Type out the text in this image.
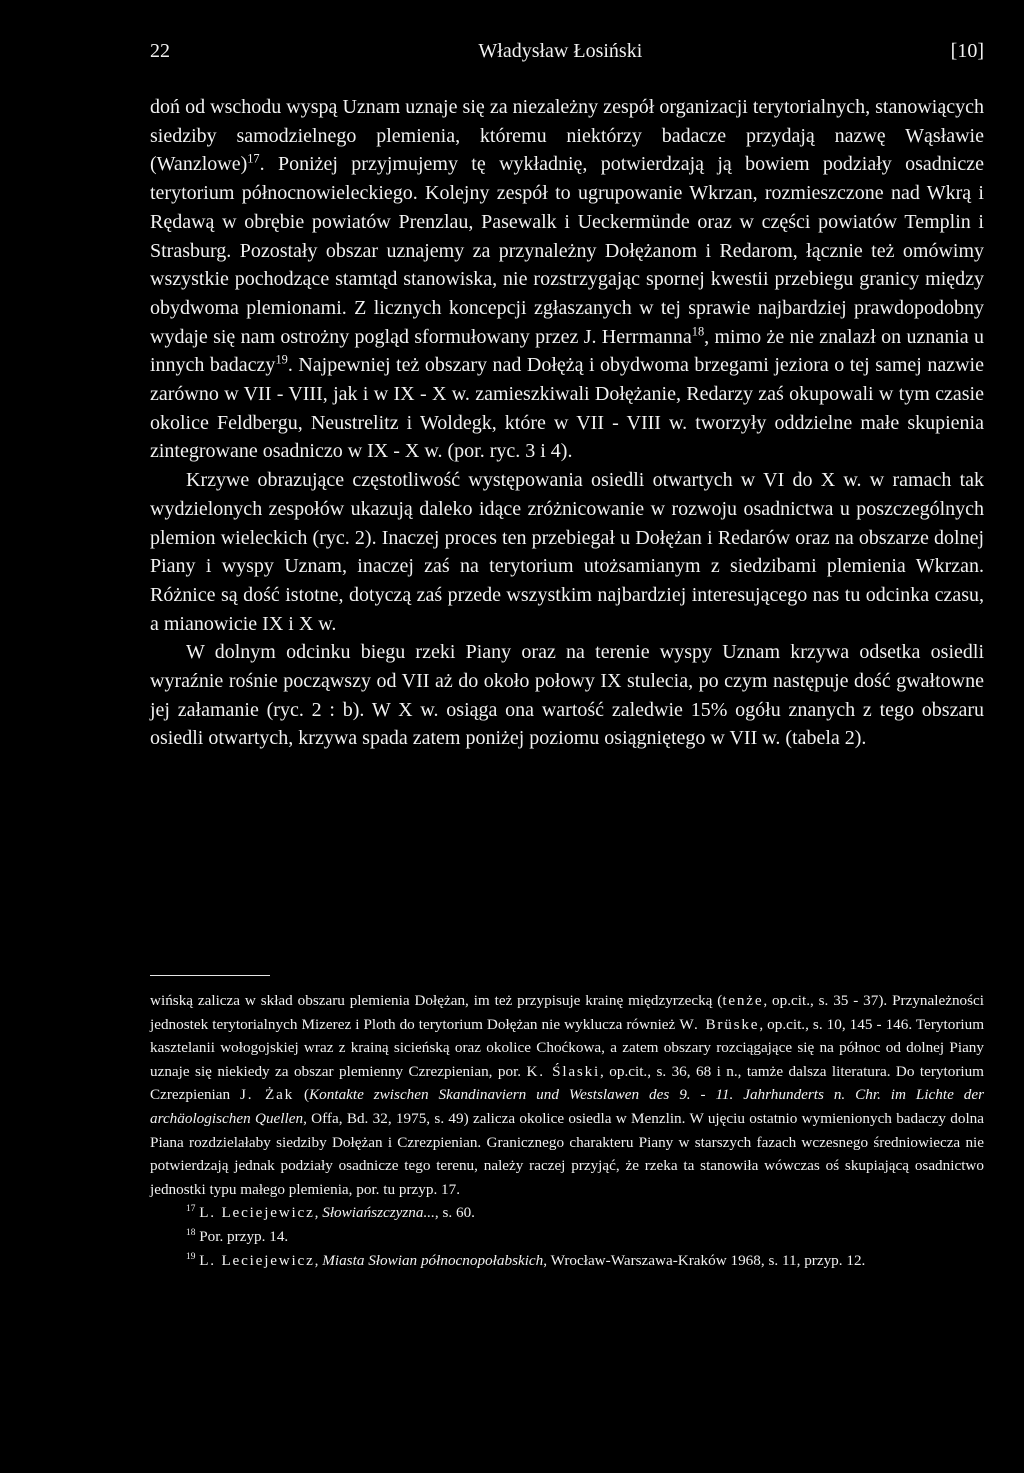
22	Władysław Łosiński	[10]

doń od wschodu wyspą Uznam uznaje się za niezależny zespół organizacji terytorialnych, stanowiących siedziby samodzielnego plemienia, któremu niektórzy badacze przydają nazwę Wąsławie (Wanzlowe)$^{17}$. Poniżej przyjmujemy tę wykładnię, potwierdzają ją bowiem podziały osadnicze terytorium północnowieleckiego. Kolejny zespół to ugrupowanie Wkrzan, rozmieszczone nad Wkrą i Rędawą w obrębie powiatów Prenzlau, Pasewalk i Ueckermünde oraz w części powiatów Templin i Strasburg. Pozostały obszar uznajemy za przynależny Dołężanom i Redarom, łącznie też omówimy wszystkie pochodzące stamtąd stanowiska, nie rozstrzygając spornej kwestii przebiegu granicy między obydwoma plemionami. Z licznych koncepcji zgłaszanych w tej sprawie najbardziej prawdopodobny wydaje się nam ostrożny pogląd sformułowany przez J. Herrmanna$^{18}$, mimo że nie znalazł on uznania u innych badaczy$^{19}$. Najpewniej też obszary nad Dołężą i obydwoma brzegami jeziora o tej samej nazwie zarówno w VII - VIII, jak i w IX - X w. zamieszkiwali Dołężanie, Redarzy zaś okupowali w tym czasie okolice Feldbergu, Neustrelitz i Woldegk, które w VII - VIII w. tworzyły oddzielne małe skupienia zintegrowane osadniczo w IX - X w. (por. ryc. 3 i 4).

Krzywe obrazujące częstotliwość występowania osiedli otwartych w VI do X w. w ramach tak wydzielonych zespołów ukazują daleko idące zróżnicowanie w rozwoju osadnictwa u poszczególnych plemion wieleckich (ryc. 2). Inaczej proces ten przebiegał u Dołężan i Redarów oraz na obszarze dolnej Piany i wyspy Uznam, inaczej zaś na terytorium utożsamianym z siedzibami plemienia Wkrzan. Różnice są dość istotne, dotyczą zaś przede wszystkim najbardziej interesującego nas tu odcinka czasu, a mianowicie IX i X w.

W dolnym odcinku biegu rzeki Piany oraz na terenie wyspy Uznam krzywa odsetka osiedli wyraźnie rośnie począwszy od VII aż do około połowy IX stulecia, po czym następuje dość gwałtowne jej załamanie (ryc. 2 : b). W X w. osiąga ona wartość zaledwie 15% ogółu znanych z tego obszaru osiedli otwartych, krzywa spada zatem poniżej poziomu osiągniętego w VII w. (tabela 2).

wińską zalicza w skład obszaru plemienia Dołężan, im też przypisuje krainę międzyrzecką (tenże, op.cit., s. 35 - 37). Przynależności jednostek terytorialnych Mizerez i Ploth do terytorium Dołężan nie wyklucza również W. Brüske, op.cit., s. 10, 145 - 146. Terytorium kasztelanii wołogojskiej wraz z krainą sicieńską oraz okolice Choćkowa, a zatem obszary rozciągające się na północ od dolnej Piany uznaje się niekiedy za obszar plemienny Czrezpienian, por. K. Ślaski, op.cit., s. 36, 68 i n., tamże dalsza literatura. Do terytorium Czrezpienian J. Żak (Kontakte zwischen Skandinaviern und Westslawen des 9. - 11. Jahrhunderts n. Chr. im Lichte der archäologischen Quellen, Offa, Bd. 32, 1975, s. 49) zalicza okolice osiedla w Menzlin. W ujęciu ostatnio wymienionych badaczy dolna Piana rozdzielałaby siedziby Dołężan i Czrezpienian. Granicznego charakteru Piany w starszych fazach wczesnego średniowiecza nie potwierdzają jednak podziały osadnicze tego terenu, należy raczej przyjąć, że rzeka ta stanowiła wówczas oś skupiającą osadnictwo jednostki typu małego plemienia, por. tu przyp. 17.

$^{17}$ L. Leciejewicz, Słowiańszczyzna..., s. 60.

$^{18}$ Por. przyp. 14.

$^{19}$ L. Leciejewicz, Miasta Słowian północnopołabskich, Wrocław-Warszawa-Kraków 1968, s. 11, przyp. 12.
